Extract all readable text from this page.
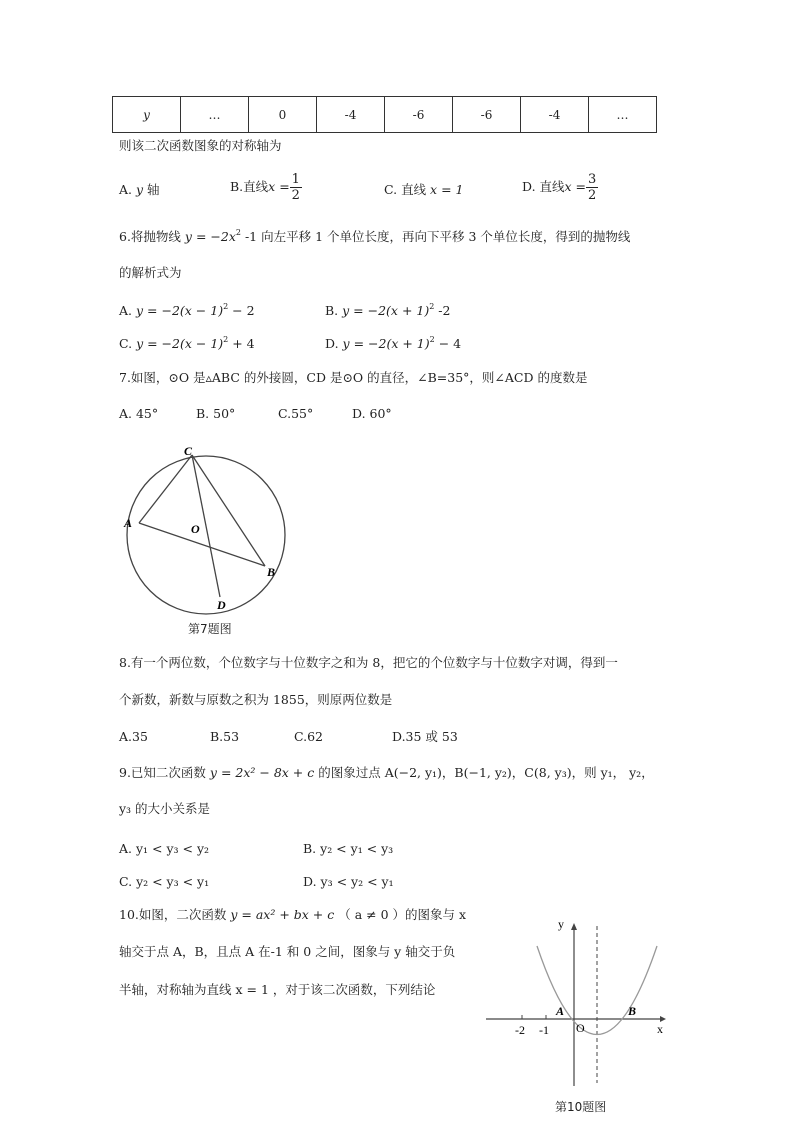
y	…	0	-4	-6	-6	-4	…
则该二次函数图象的对称轴为
A. y 轴	B.直线 $x = \frac{1}{2}$	C. 直线 x = 1	D. 直线 $x = \frac{3}{2}$
6.将抛物线 $y = -2x^2$ -1 向左平移 1 个单位长度，再向下平移 3 个单位长度，得到的抛物线
的解析式为
A. $y = -2(x - 1)^2 - 2$	B. $y = -2(x + 1)^2$ -2
C. $y = -2(x - 1)^2 + 4$	D. $y = -2(x + 1)^2 - 4$
7.如图，⊙O 是▵ABC 的外接圆，CD 是⊙O 的直径，∠B=35°，则∠ACD 的度数是
A. 45°	B. 50°	C.55°	D. 60°
C
A	O
B
D
第7题图
8.有一个两位数，个位数字与十位数字之和为 8，把它的个位数字与十位数字对调，得到一
个新数，新数与原数之积为 1855，则原两位数是
A.35	B.53	C.62	D.35 或 53
9.已知二次函数 y = 2x² − 8x + c 的图象过点 A(−2, y₁)，B(−1, y₂)，C(8, y₃)，则 y₁， y₂，
y₃ 的大小关系是
A. y₁ < y₃ < y₂	B. y₂ < y₁ < y₃
C. y₂ < y₃ < y₁	D. y₃ < y₂ < y₁
10.如图，二次函数 y = ax² + bx + c （ a ≠ 0 ）的图象与 x
轴交于点 A，B，且点 A 在-1 和 0 之间，图象与 y 轴交于负
半轴，对称轴为直线 x = 1 ，对于该二次函数，下列结论
y
x
-2 -1 O
A	B
第10题图
